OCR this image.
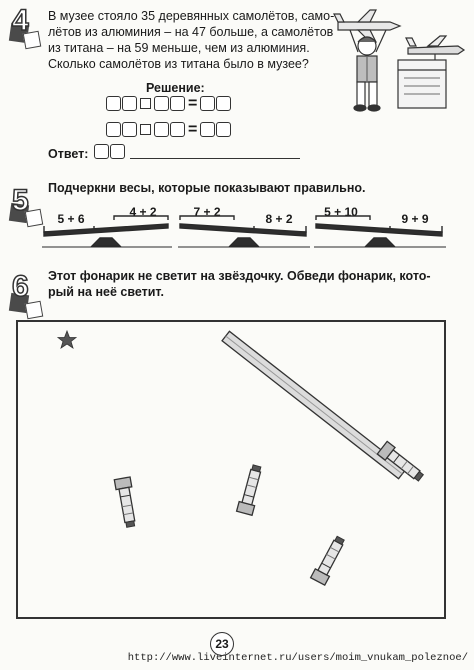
4	В музее стояло 35 деревянных самолётов, само-
лётов из алюминия – на 47 больше, а самолётов
из титана – на 59 меньше, чем из алюминия.
Сколько самолётов из титана было в музее?
Решение:
=
=
Ответ:
5	Подчеркни весы, которые показывают правильно.
5 + 6	4 + 2	7 + 2	8 + 2	5 + 10	9 + 9
6	Этот фонарик не светит на звёздочку. Обведи фонарик, кото-
рый на неё светит.
23
http://www.liveinternet.ru/users/moim_vnukam_poleznoe/
